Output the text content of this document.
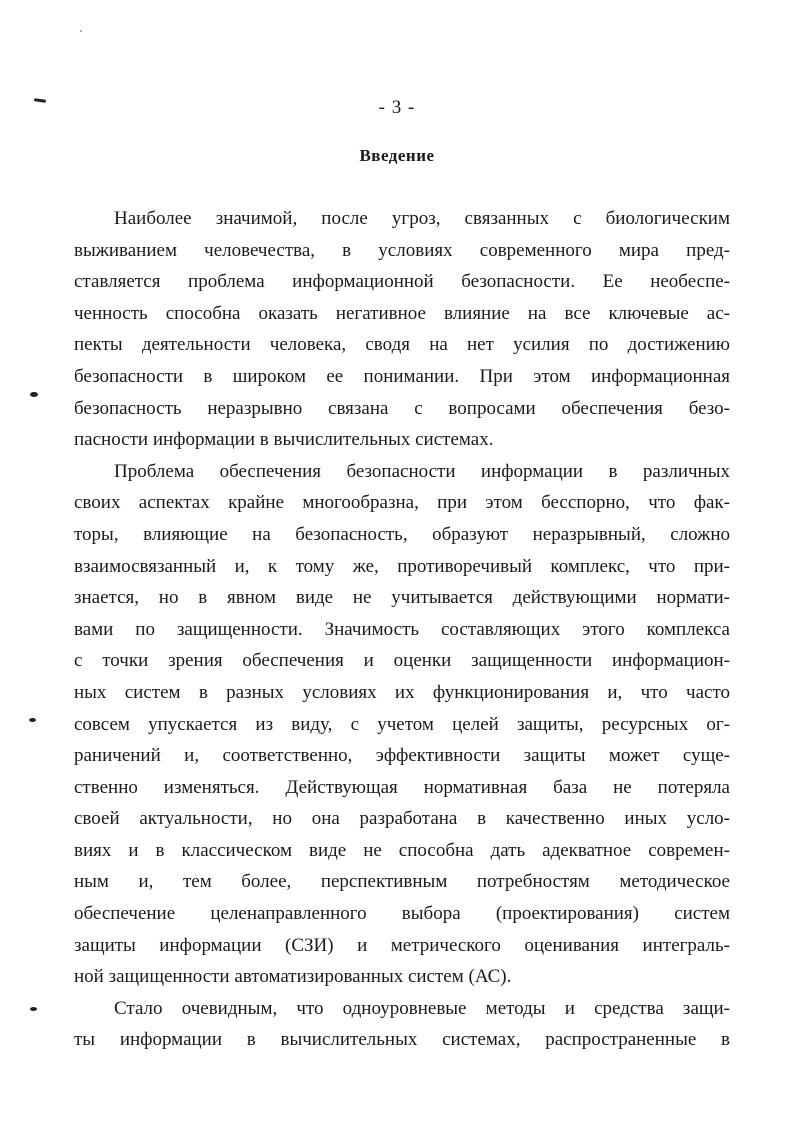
- 3 -
Введение

Наиболее значимой, после угроз, связанных с биологическим
выживанием человечества, в условиях современного мира пред-
ставляется проблема информационной безопасности. Ее необеспе-
ченность способна оказать негативное влияние на все ключевые ас-
пекты деятельности человека, сводя на нет усилия по достижению
безопасности в широком ее понимании. При этом информационная
безопасность неразрывно связана с вопросами обеспечения безо-
пасности информации в вычислительных системах.

Проблема обеспечения безопасности информации в различных
своих аспектах крайне многообразна, при этом бесспорно, что фак-
торы, влияющие на безопасность, образуют неразрывный, сложно
взаимосвязанный и, к тому же, противоречивый комплекс, что при-
знается, но в явном виде не учитывается действующими нормати-
вами по защищенности. Значимость составляющих этого комплекса
с точки зрения обеспечения и оценки защищенности информацион-
ных систем в разных условиях их функционирования и, что часто
совсем упускается из виду, с учетом целей защиты, ресурсных ог-
раничений и, соответственно, эффективности защиты может суще-
ственно изменяться. Действующая нормативная база не потеряла
своей актуальности, но она разработана в качественно иных усло-
виях и в классическом виде не способна дать адекватное современ-
ным и, тем более, перспективным потребностям методическое
обеспечение целенаправленного выбора (проектирования) систем
защиты информации (СЗИ) и метрического оценивания интеграль-
ной защищенности автоматизированных систем (АС).

Стало очевидным, что одноуровневые методы и средства защи-
ты информации в вычислительных системах, распространенные в
